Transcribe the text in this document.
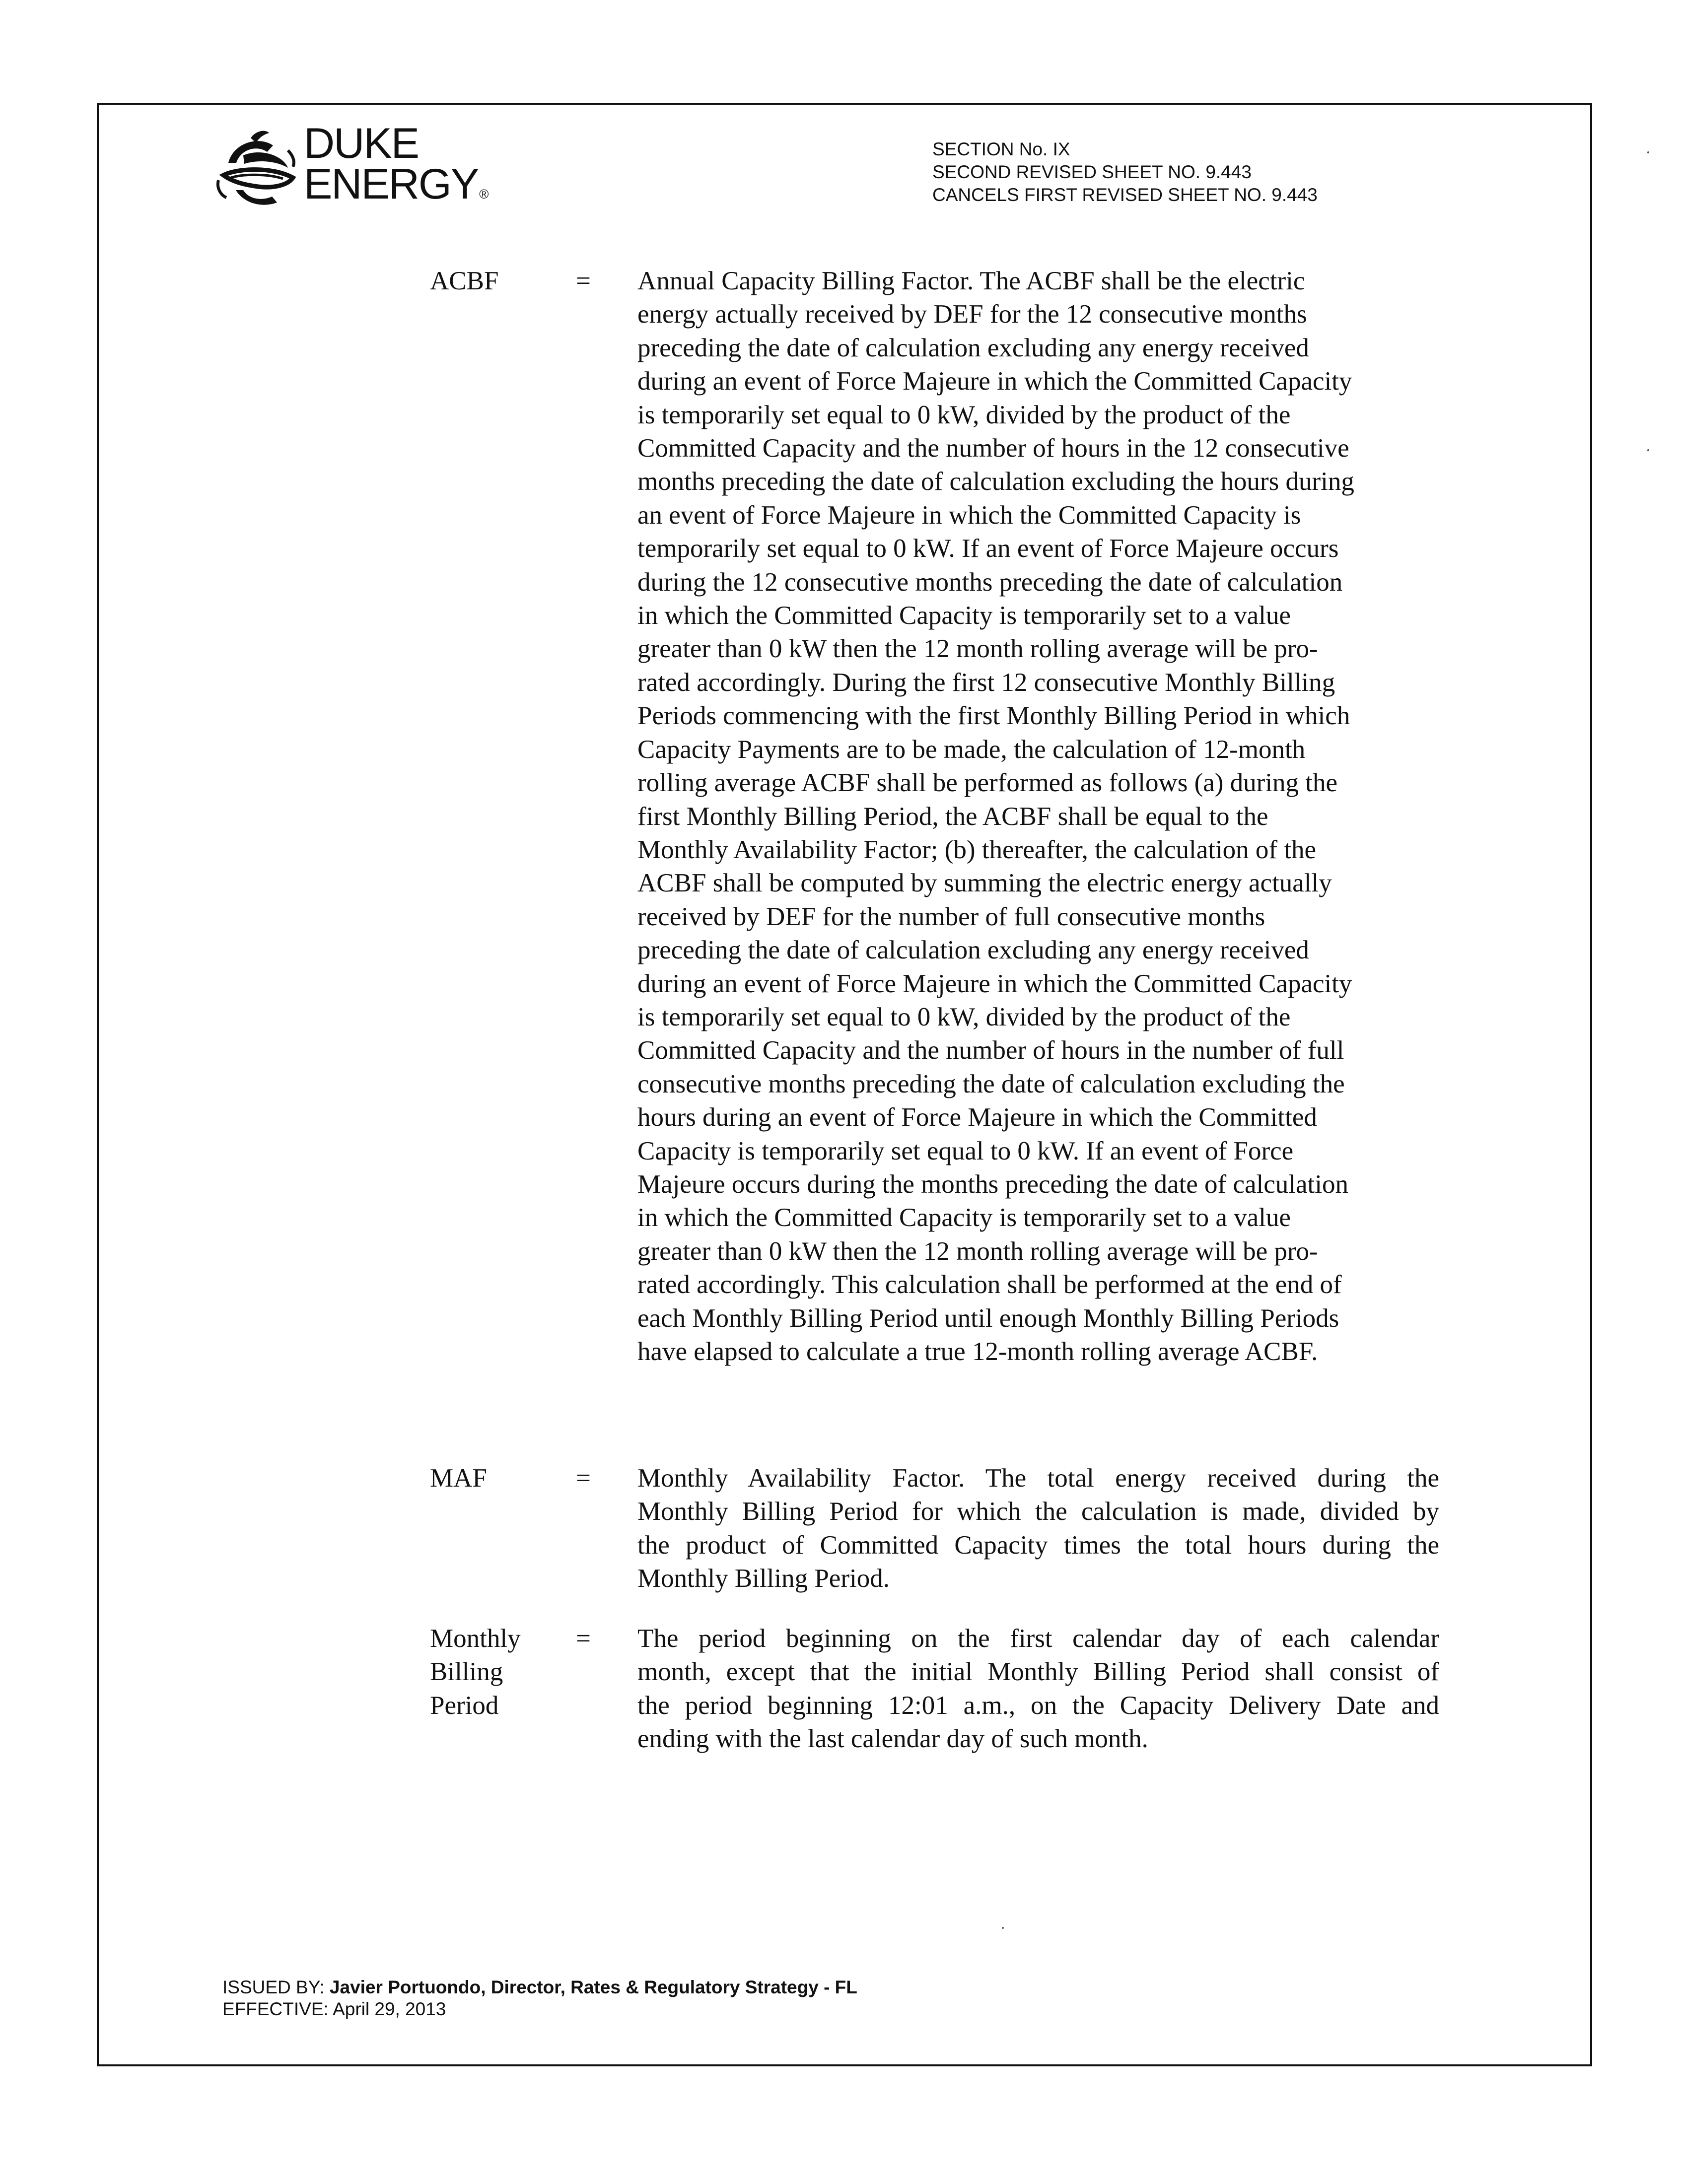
DUKE
ENERGY®
SECTION No. IX
SECOND REVISED SHEET NO. 9.443
CANCELS FIRST REVISED SHEET NO. 9.443
ACBF	= Annual Capacity Billing Factor. The ACBF shall be the electric
energy actually received by DEF for the 12 consecutive months
preceding the date of calculation excluding any energy received
during an event of Force Majeure in which the Committed Capacity
is temporarily set equal to 0 kW, divided by the product of the
Committed Capacity and the number of hours in the 12 consecutive
months preceding the date of calculation excluding the hours during
an event of Force Majeure in which the Committed Capacity is
temporarily set equal to 0 kW. If an event of Force Majeure occurs
during the 12 consecutive months preceding the date of calculation
in which the Committed Capacity is temporarily set to a value
greater than 0 kW then the 12 month rolling average will be pro-
rated accordingly. During the first 12 consecutive Monthly Billing
Periods commencing with the first Monthly Billing Period in which
Capacity Payments are to be made, the calculation of 12-month
rolling average ACBF shall be performed as follows (a) during the
first Monthly Billing Period, the ACBF shall be equal to the
Monthly Availability Factor; (b) thereafter, the calculation of the
ACBF shall be computed by summing the electric energy actually
received by DEF for the number of full consecutive months
preceding the date of calculation excluding any energy received
during an event of Force Majeure in which the Committed Capacity
is temporarily set equal to 0 kW, divided by the product of the
Committed Capacity and the number of hours in the number of full
consecutive months preceding the date of calculation excluding the
hours during an event of Force Majeure in which the Committed
Capacity is temporarily set equal to 0 kW. If an event of Force
Majeure occurs during the months preceding the date of calculation
in which the Committed Capacity is temporarily set to a value
greater than 0 kW then the 12 month rolling average will be pro-
rated accordingly. This calculation shall be performed at the end of
each Monthly Billing Period until enough Monthly Billing Periods
have elapsed to calculate a true 12-month rolling average ACBF.
MAF	= Monthly Availability Factor. The total energy received during the
Monthly Billing Period for which the calculation is made, divided by
the product of Committed Capacity times the total hours during the
Monthly Billing Period.
Monthly
Billing
Period
= The period beginning on the first calendar day of each calendar
month, except that the initial Monthly Billing Period shall consist of
the period beginning 12:01 a.m., on the Capacity Delivery Date and
ending with the last calendar day of such month.
ISSUED BY: Javier Portuondo, Director, Rates & Regulatory Strategy - FL
EFFECTIVE: April 29, 2013
